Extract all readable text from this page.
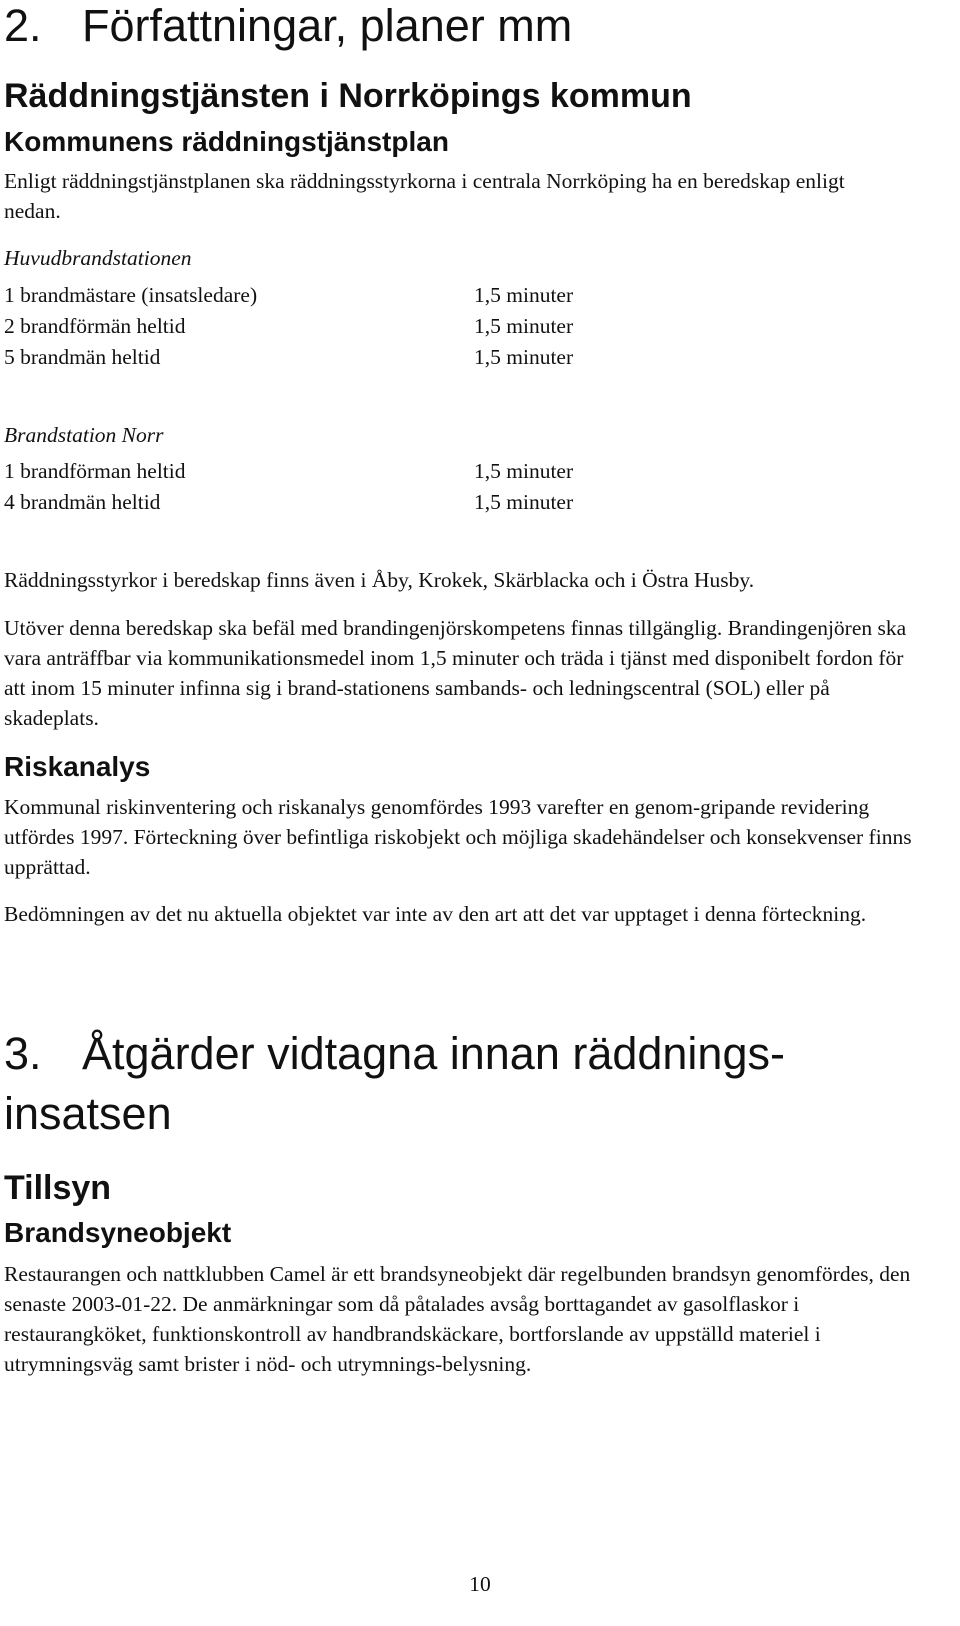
2. Författningar, planer mm
Räddningstjänsten i Norrköpings kommun
Kommunens räddningstjänstplan

Enligt räddningstjänstplanen ska räddningsstyrkorna i centrala Norrköping ha en beredskap enligt nedan.

Huvudbrandstationen

1 brandmästare (insatsledare)	1,5 minuter
2 brandförmän heltid	1,5 minuter
5 brandmän heltid	1,5 minuter

Brandstation Norr

1 brandförman heltid	1,5 minuter
4 brandmän heltid	1,5 minuter

Räddningsstyrkor i beredskap finns även i Åby, Krokek, Skärblacka och i Östra Husby.

Utöver denna beredskap ska befäl med brandingenjörskompetens finnas tillgänglig. Brandingenjören ska vara anträffbar via kommunikationsmedel inom 1,5 minuter och träda i tjänst med disponibelt fordon för att inom 15 minuter infinna sig i brand-stationens sambands- och ledningscentral (SOL) eller på skadeplats.

Riskanalys

Kommunal riskinventering och riskanalys genomfördes 1993 varefter en genom-gripande revidering utfördes 1997. Förteckning över befintliga riskobjekt och möjliga skadehändelser och konsekvenser finns upprättad.

Bedömningen av det nu aktuella objektet var inte av den art att det var upptaget i denna förteckning.

3. Åtgärder vidtagna innan räddnings-
insatsen
Tillsyn
Brandsyneobjekt

Restaurangen och nattklubben Camel är ett brandsyneobjekt där regelbunden brandsyn genomfördes, den senaste 2003-01-22. De anmärkningar som då påtalades avsåg borttagandet av gasolflaskor i restaurangköket, funktionskontroll av handbrandskäckare, bortforslande av uppställd materiel i utrymningsväg samt brister i nöd- och utrymnings-belysning.

10
